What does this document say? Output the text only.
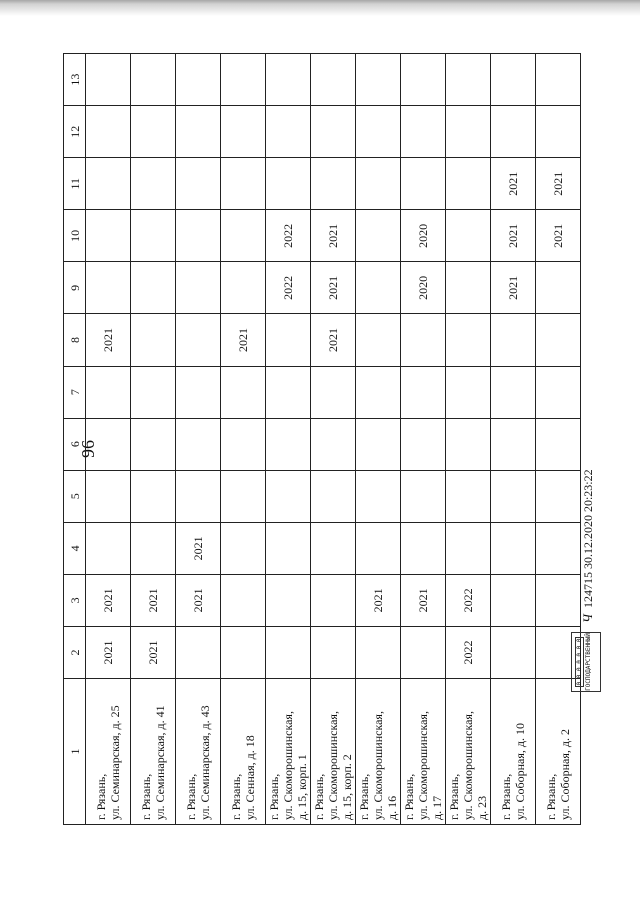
96
1	2	3	4	5	6	7	8	9	10	11	12	13

г. Рязань, ул. Семинарская, д. 25	2021	2021					2021					

г. Рязань, ул. Семинарская, д. 41	2021	2021										

г. Рязань, ул. Семинарская, д. 43		2021	2021									

г. Рязань, ул. Сенная, д. 18							2021					

г. Рязань, ул. Скоморошинская, д. 15, корп. 1								2022	2022			

г. Рязань, ул. Скоморошинская, д. 15, корп. 2							2021	2021	2021			

г. Рязань, ул. Скоморошинская, д. 16		2021										

г. Рязань, ул. Скоморошинская, д. 17		2021						2020	2020			

г. Рязань, ул. Скоморошинская, д. 23	2022	2022										

г. Рязань, ул. Соборная, д. 10								2021	2021	2021		

г. Рязань, ул. Соборная, д. 2									2021	2021		
0 0 0 0 0 0 0 ГОСПОДАРСТВЕННЫЙ
Ч124715 30.12.2020 20:23:22
